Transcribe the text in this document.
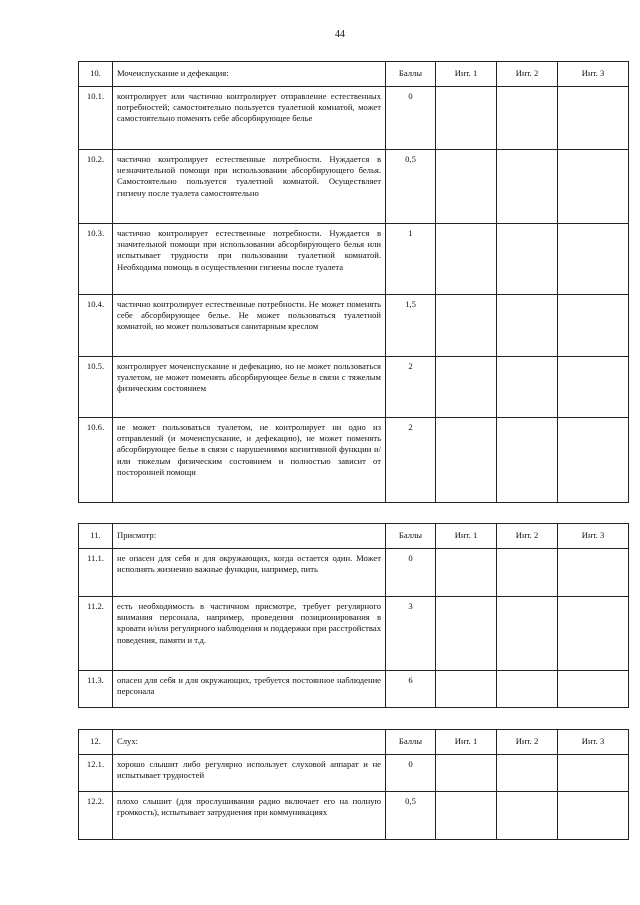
44
10.	Мочеиспускание и дефекация:	Баллы	Инт. 1	Инт. 2	Инт. 3
10.1.	контролирует или частично контролирует отправление естественных потребностей; самостоятельно пользуется туалетной комнатой, может самостоятельно поменять себе абсорбирующее белье	0			
10.2.	частично контролирует естественные потребности. Нуждается в незначительной помощи при использовании абсорбирующего белья. Самостоятельно пользуется туалетной комнатой. Осуществляет гигиену после туалета самостоятельно	0,5			
10.3.	частично контролирует естественные потребности. Нуждается в значительной помощи при использовании абсорбирующего белья или испытывает трудности при пользовании туалетной комнатой. Необходима помощь в осуществлении гигиены после туалета	1			
10.4.	частично контролирует естественные потребности. Не может поменять себе абсорбирующее белье. Не может пользоваться туалетной комнатой, но может пользоваться санитарным креслом	1,5			
10.5.	контролирует мочеиспускание и дефекацию, но не может пользоваться туалетом, не может поменять абсорбирующее белье в связи с тяжелым физическим состоянием	2			
10.6.	не может пользоваться туалетом, не контролирует ни одно из отправлений (и мочеиспускание, и дефекацию), не может поменять абсорбирующее белье в связи с нарушениями когнитивной функции и/или тяжелым физическим состоянием и полностью зависит от посторонней помощи	2			
11.	Присмотр:	Баллы	Инт. 1	Инт. 2	Инт. 3
11.1.	не опасен для себя и для окружающих, когда остается один. Может исполнять жизненно важные функции, например, пить	0			
11.2.	есть необходимость в частичном присмотре, требует регулярного внимания персонала, например, проведения позиционирования в кровати и/или регулярного наблюдения и поддержки при расстройствах поведения, памяти и т.д.	3			
11.3.	опасен для себя и для окружающих, требуется постоянное наблюдение персонала	6			
12.	Слух:	Баллы	Инт. 1	Инт. 2	Инт. 3
12.1.	хорошо слышит либо регулярно использует слуховой аппарат и не испытывает трудностей	0			
12.2.	плохо слышит (для прослушивания радио включает его на полную громкость), испытывает затруднения при коммуникациях	0,5			
